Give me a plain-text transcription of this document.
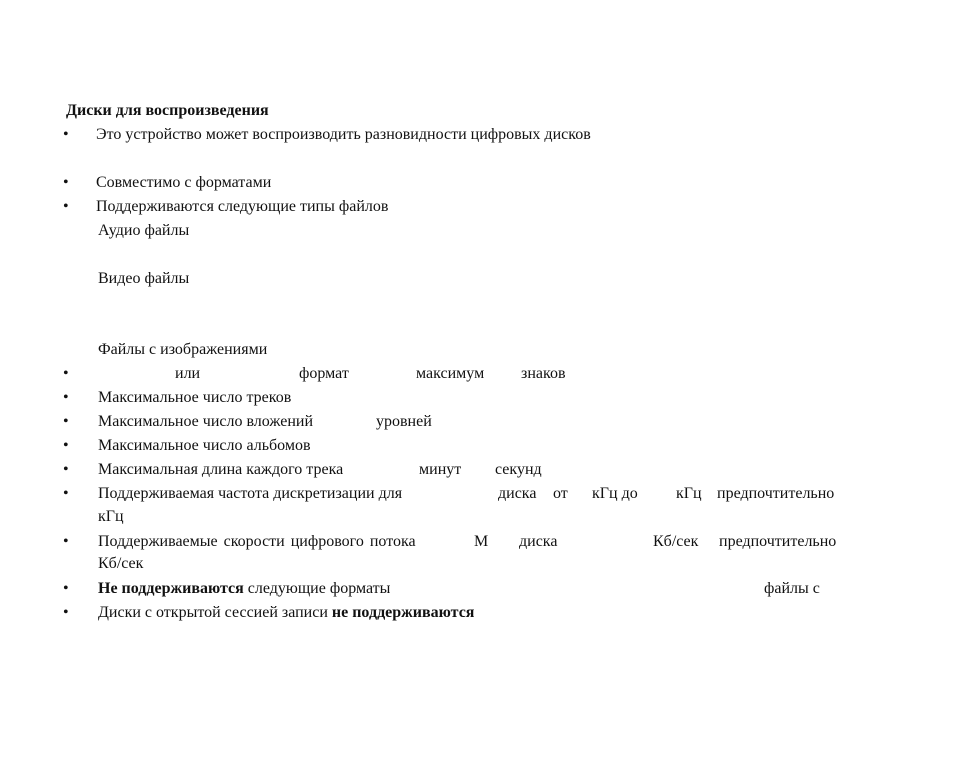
Диски для воспроизведения
• Это устройство может воспроизводить разновидности цифровых дисков
• Совместимо с форматами
• Поддерживаются следующие типы файлов
Аудио файлы
Видео файлы
Файлы с изображениями
•	или	формат	максимум знаков
• Максимальное число треков
• Максимальное число вложений	уровней
• Максимальное число альбомов
• Максимальная длина каждого трека	минут секунд
• Поддерживаемая частота дискретизации для	диска от кГц до кГц предпочтительно
кГц
• Поддерживаемые скорости цифрового потока	М диска	Кб/сек предпочтительно
Кб/сек
• Не поддерживаются следующие форматы	файлы с
• Диски с открытой сессией записи не поддерживаются
